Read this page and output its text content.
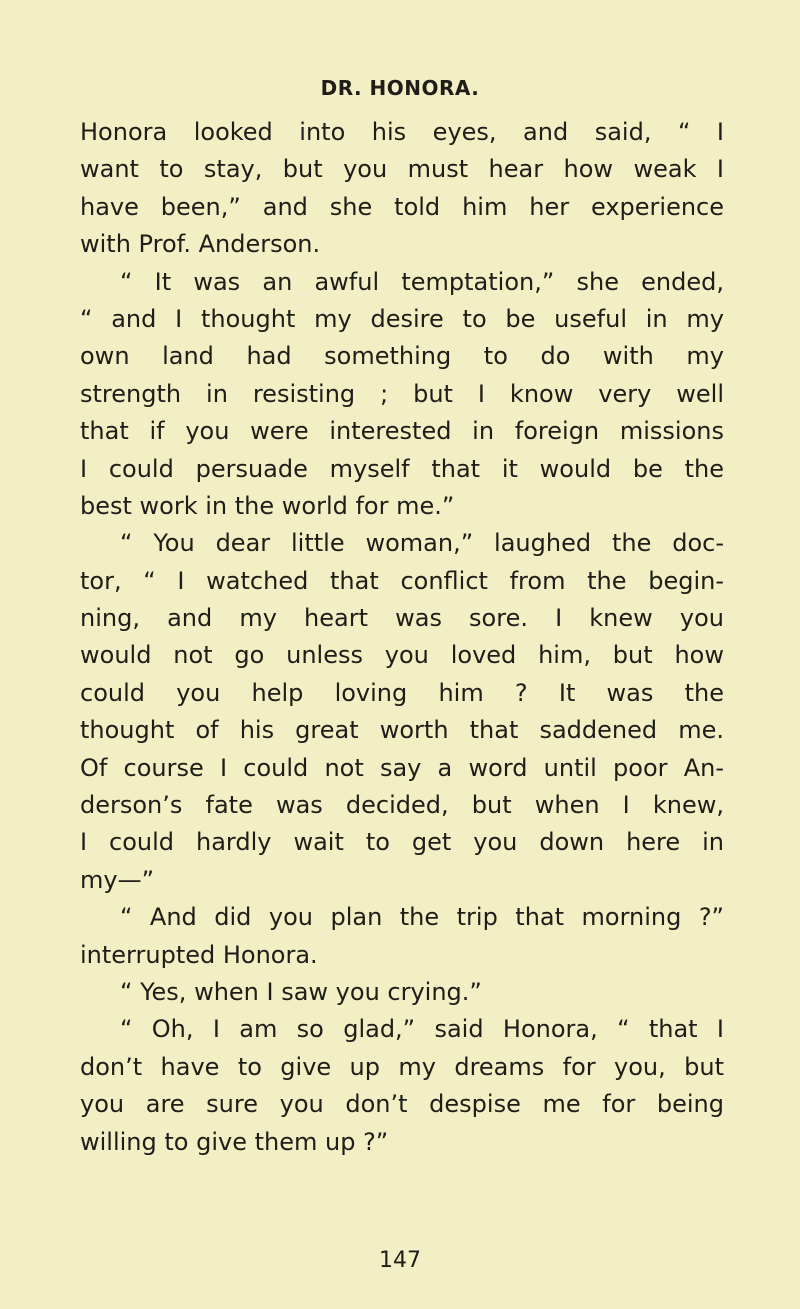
DR. HONORA.
Honora looked into his eyes, and said, “ I
want to stay, but you must hear how weak I
have been,” and she told him her experience
with Prof. Anderson.
“ It was an awful temptation,” she ended,
“ and I thought my desire to be useful in my
own land had something to do with my
strength in resisting ; but I know very well
that if you were interested in foreign missions
I could persuade myself that it would be the
best work in the world for me.”
“ You dear little woman,” laughed the doc-
tor, “ I watched that conflict from the begin-
ning, and my heart was sore. I knew you
would not go unless you loved him, but how
could you help loving him ? It was the
thought of his great worth that saddened me.
Of course I could not say a word until poor An-
derson’s fate was decided, but when I knew,
I could hardly wait to get you down here in
my—”
“ And did you plan the trip that morning ?”
interrupted Honora.
“ Yes, when I saw you crying.”
“ Oh, I am so glad,” said Honora, “ that I
don’t have to give up my dreams for you, but
you are sure you don’t despise me for being
willing to give them up ?”
147
